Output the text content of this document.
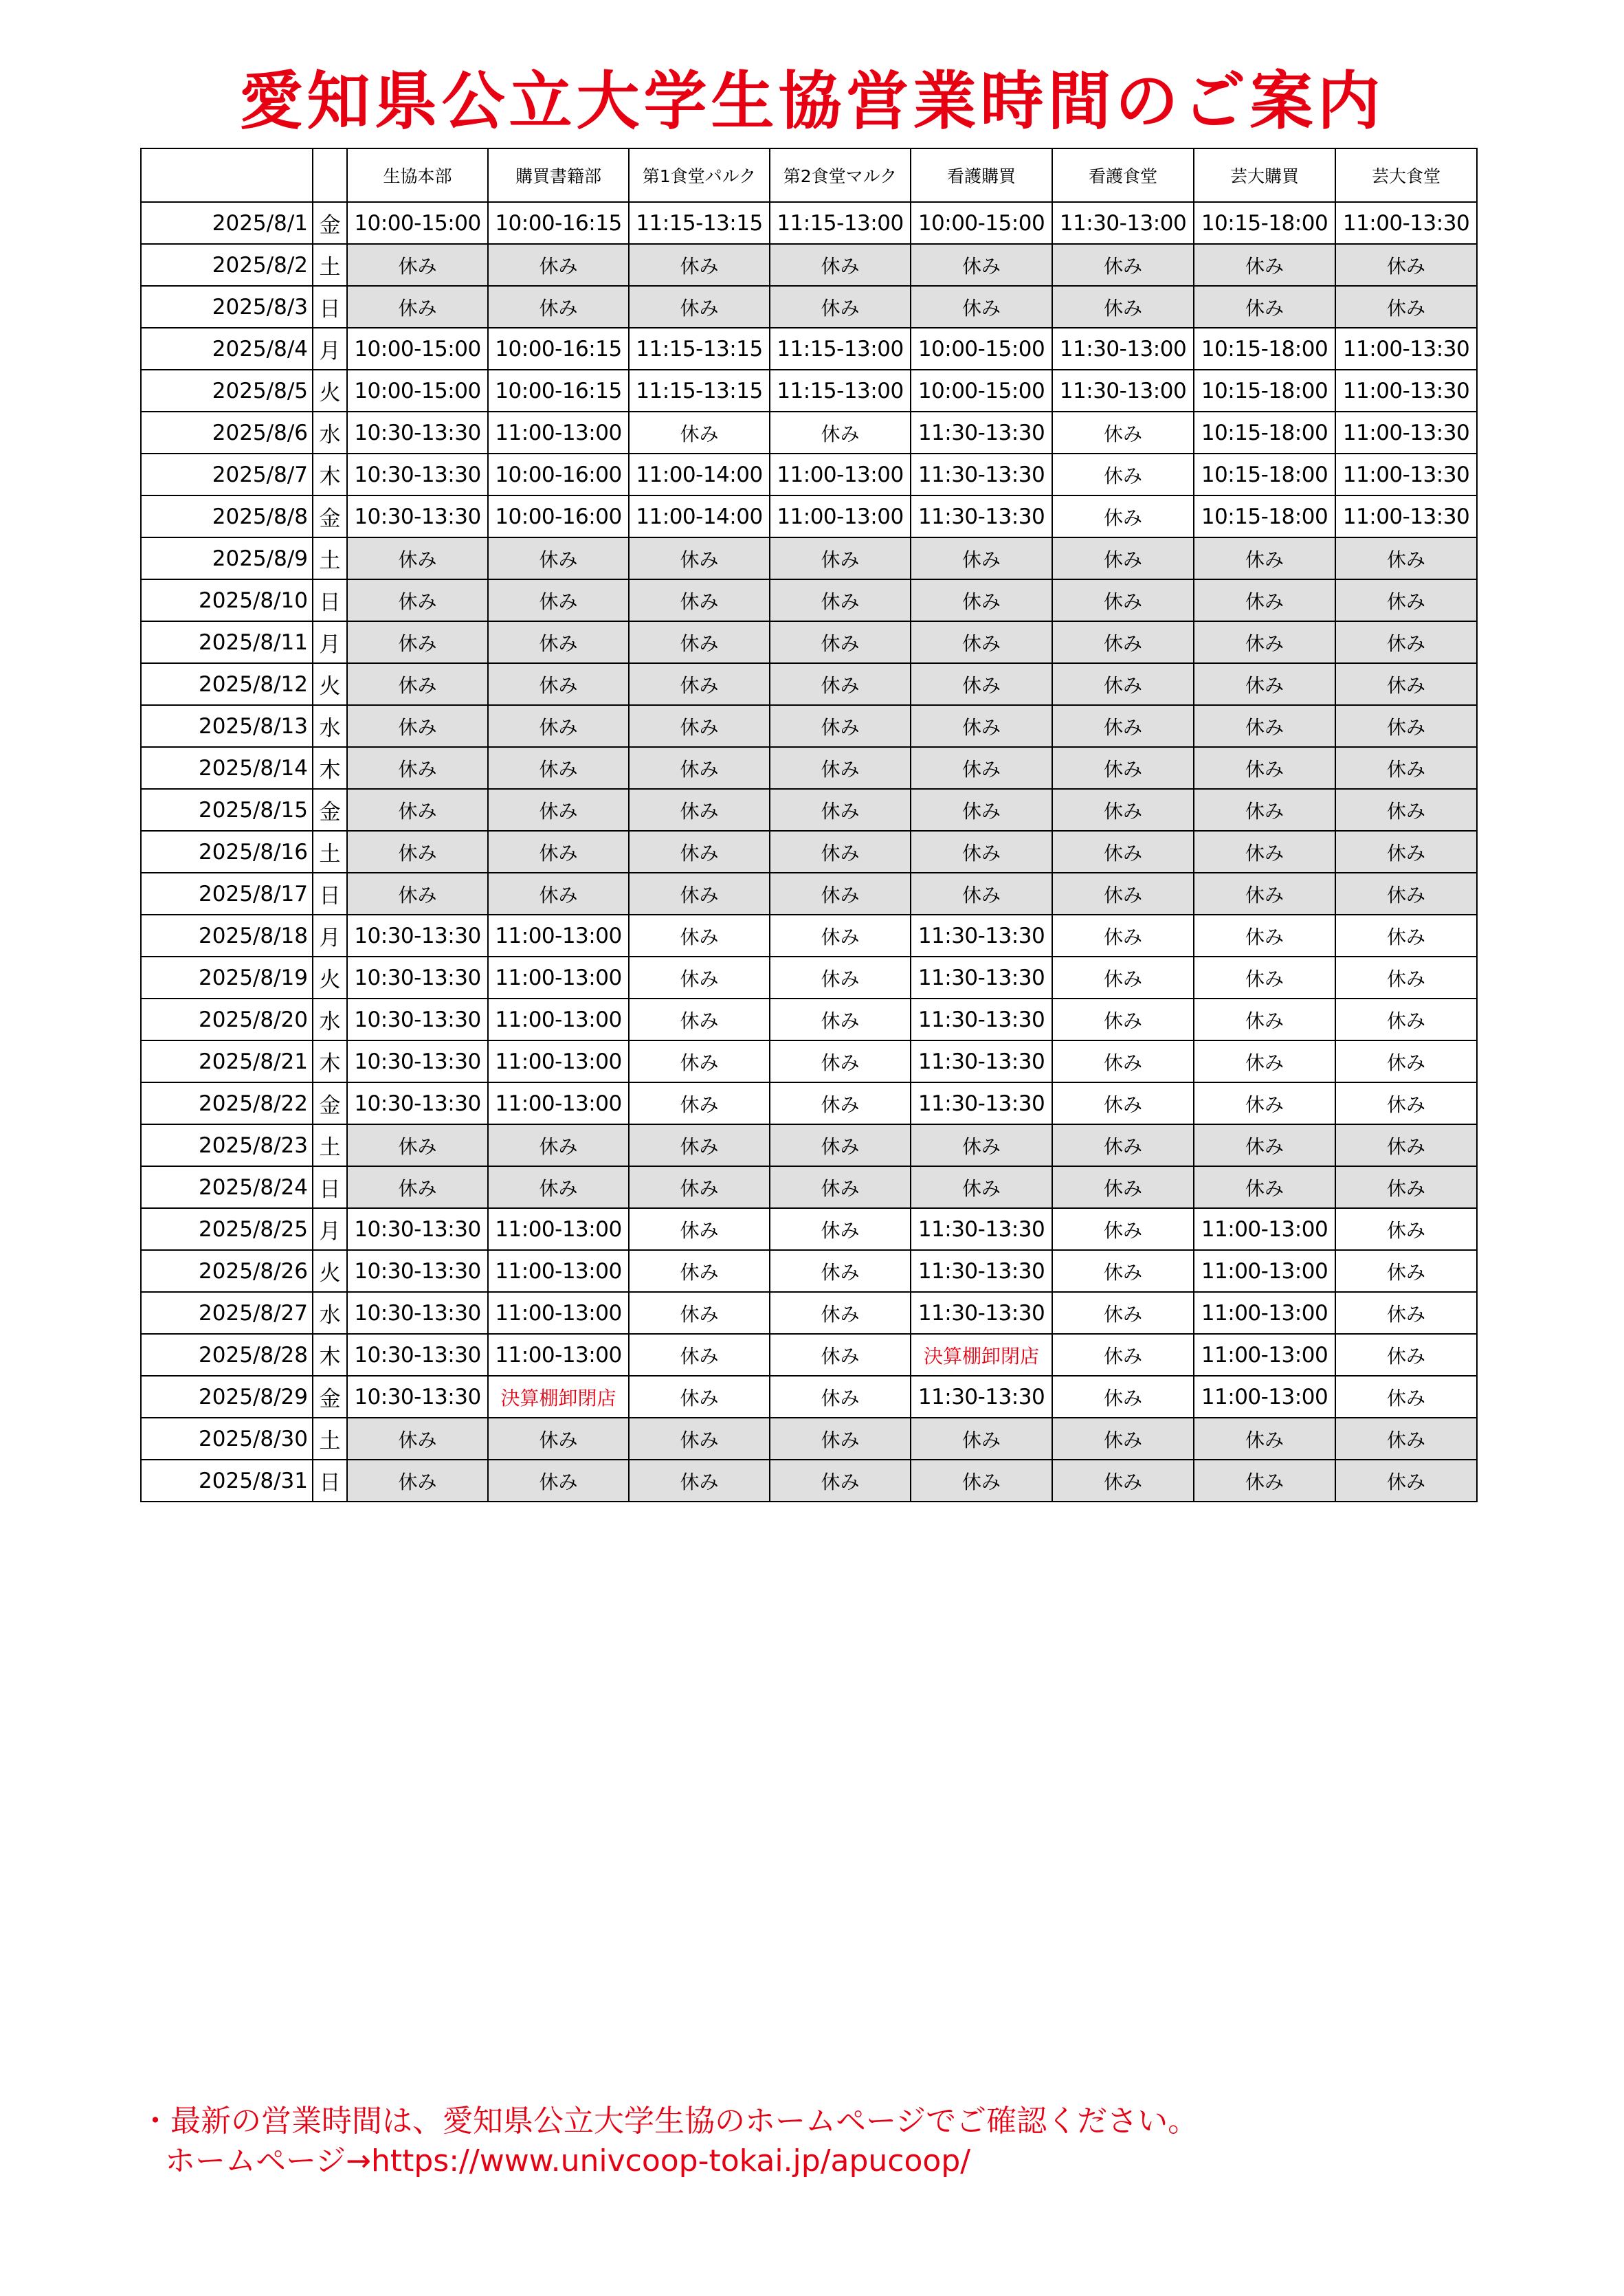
愛知県公立大学生協営業時間のご案内
		生協本部	購買書籍部	第1食堂パルク	第2食堂マルク	看護購買	看護食堂	芸大購買	芸大食堂
2025/8/1	金	10:00-15:00	10:00-16:15	11:15-13:15	11:15-13:00	10:00-15:00	11:30-13:00	10:15-18:00	11:00-13:30
2025/8/2	土	休み	休み	休み	休み	休み	休み	休み	休み
2025/8/3	日	休み	休み	休み	休み	休み	休み	休み	休み
2025/8/4	月	10:00-15:00	10:00-16:15	11:15-13:15	11:15-13:00	10:00-15:00	11:30-13:00	10:15-18:00	11:00-13:30
2025/8/5	火	10:00-15:00	10:00-16:15	11:15-13:15	11:15-13:00	10:00-15:00	11:30-13:00	10:15-18:00	11:00-13:30
2025/8/6	水	10:30-13:30	11:00-13:00	休み	休み	11:30-13:30	休み	10:15-18:00	11:00-13:30
2025/8/7	木	10:30-13:30	10:00-16:00	11:00-14:00	11:00-13:00	11:30-13:30	休み	10:15-18:00	11:00-13:30
2025/8/8	金	10:30-13:30	10:00-16:00	11:00-14:00	11:00-13:00	11:30-13:30	休み	10:15-18:00	11:00-13:30
2025/8/9	土	休み	休み	休み	休み	休み	休み	休み	休み
2025/8/10	日	休み	休み	休み	休み	休み	休み	休み	休み
2025/8/11	月	休み	休み	休み	休み	休み	休み	休み	休み
2025/8/12	火	休み	休み	休み	休み	休み	休み	休み	休み
2025/8/13	水	休み	休み	休み	休み	休み	休み	休み	休み
2025/8/14	木	休み	休み	休み	休み	休み	休み	休み	休み
2025/8/15	金	休み	休み	休み	休み	休み	休み	休み	休み
2025/8/16	土	休み	休み	休み	休み	休み	休み	休み	休み
2025/8/17	日	休み	休み	休み	休み	休み	休み	休み	休み
2025/8/18	月	10:30-13:30	11:00-13:00	休み	休み	11:30-13:30	休み	休み	休み
2025/8/19	火	10:30-13:30	11:00-13:00	休み	休み	11:30-13:30	休み	休み	休み
2025/8/20	水	10:30-13:30	11:00-13:00	休み	休み	11:30-13:30	休み	休み	休み
2025/8/21	木	10:30-13:30	11:00-13:00	休み	休み	11:30-13:30	休み	休み	休み
2025/8/22	金	10:30-13:30	11:00-13:00	休み	休み	11:30-13:30	休み	休み	休み
2025/8/23	土	休み	休み	休み	休み	休み	休み	休み	休み
2025/8/24	日	休み	休み	休み	休み	休み	休み	休み	休み
2025/8/25	月	10:30-13:30	11:00-13:00	休み	休み	11:30-13:30	休み	11:00-13:00	休み
2025/8/26	火	10:30-13:30	11:00-13:00	休み	休み	11:30-13:30	休み	11:00-13:00	休み
2025/8/27	水	10:30-13:30	11:00-13:00	休み	休み	11:30-13:30	休み	11:00-13:00	休み
2025/8/28	木	10:30-13:30	11:00-13:00	休み	休み	決算棚卸閉店	休み	11:00-13:00	休み
2025/8/29	金	10:30-13:30	決算棚卸閉店	休み	休み	11:30-13:30	休み	11:00-13:00	休み
2025/8/30	土	休み	休み	休み	休み	休み	休み	休み	休み
2025/8/31	日	休み	休み	休み	休み	休み	休み	休み	休み
・最新の営業時間は、愛知県公立大学生協のホームページでご確認ください。
ホームページ→https://www.univcoop-tokai.jp/apucoop/
